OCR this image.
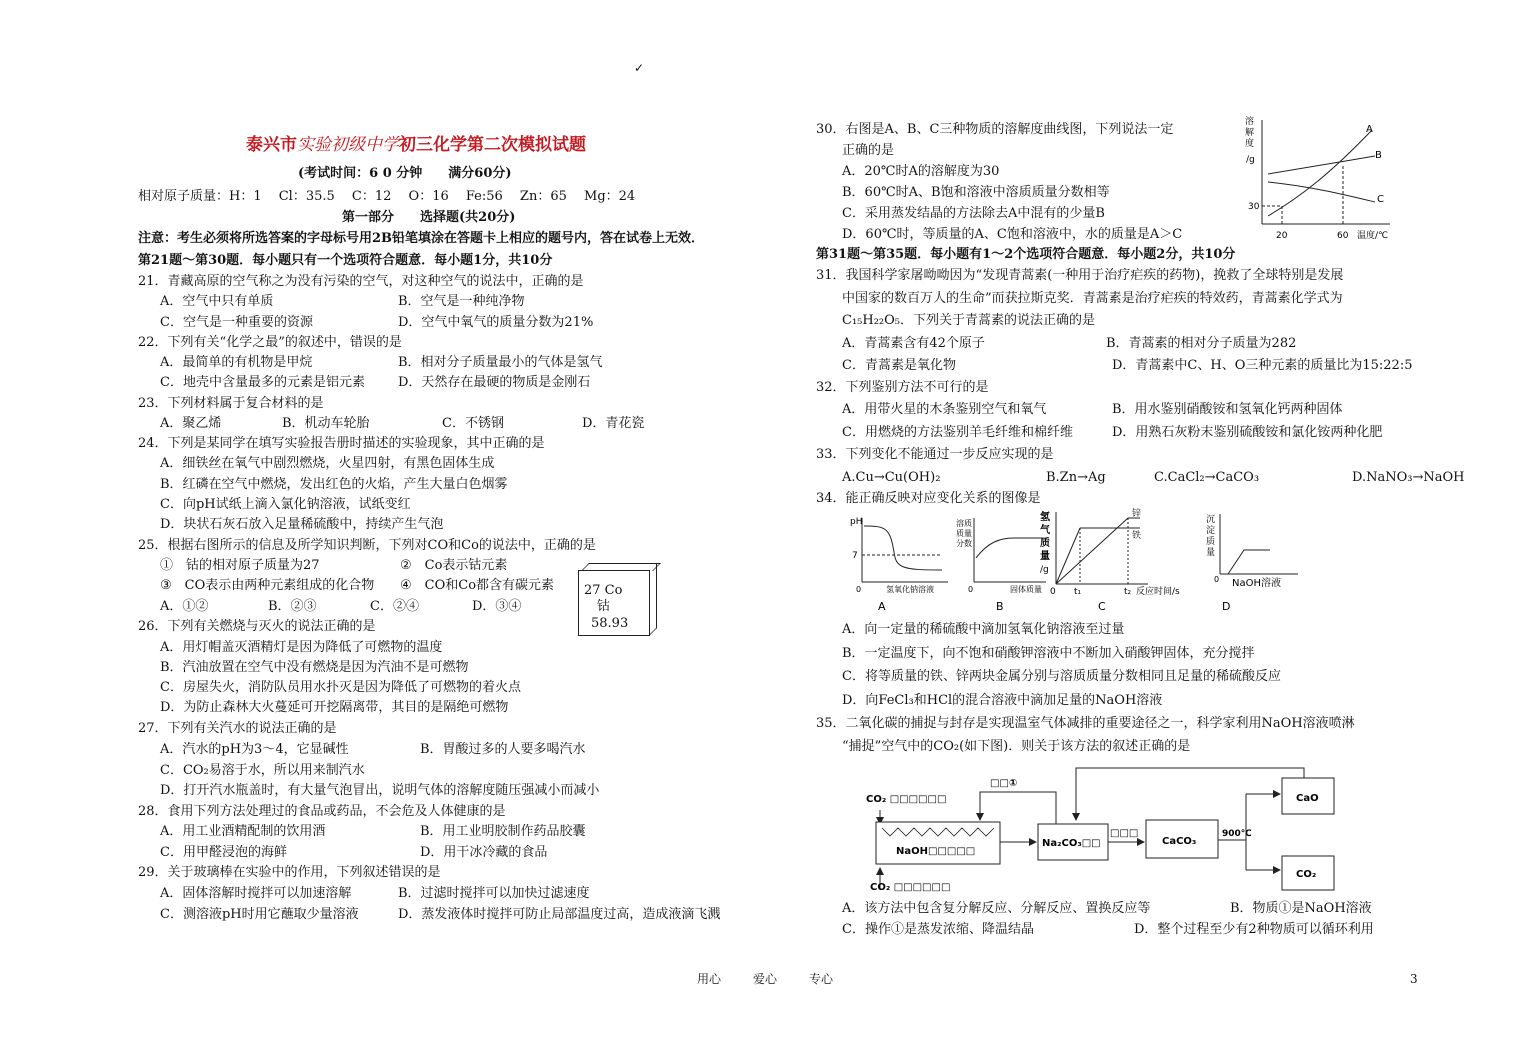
✓
泰兴市实验初级中学初三化学第二次模拟试题
(考试时间：6 0 分钟　　满分60分)
相对原子质量：H：1　 Cl：35.5 　C：12　 O：16 　Fe:56 　Zn：65 　Mg：24
第一部分　　选择题(共20分)
注意：考生必须将所选答案的字母标号用2B铅笔填涂在答题卡上相应的题号内，答在试卷上无效．
第21题～第30题．每小题只有一个选项符合题意．每小题1分，共10分
21．青藏高原的空气称之为没有污染的空气，对这种空气的说法中，正确的是
A．空气中只有单质	B．空气是一种纯净物
C．空气是一种重要的资源	D．空气中氧气的质量分数为21%
22．下列有关“化学之最”的叙述中，错误的是
A．最简单的有机物是甲烷	B．相对分子质量最小的气体是氢气
C．地壳中含量最多的元素是铝元素	D．天然存在最硬的物质是金刚石
23．下列材料属于复合材料的是
A．聚乙烯	B．机动车轮胎	C．不锈钢	D．青花瓷
24．下列是某同学在填写实验报告册时描述的实验现象，其中正确的是
A．细铁丝在氧气中剧烈燃烧，火星四射，有黑色固体生成
B．红磷在空气中燃烧，发出红色的火焰，产生大量白色烟雾
C．向pH试纸上滴入氯化钠溶液，试纸变红
D．块状石灰石放入足量稀硫酸中，持续产生气泡
25．根据右图所示的信息及所学知识判断，下列对CO和Co的说法中，正确的是
①　钴的相对原子质量为27	②　Co表示钴元素
③　CO表示由两种元素组成的化合物 ④　CO和Co都含有碳元素
A．①②	B．②③	C．②④	D．③④
27 Co
钴
58.93
26．下列有关燃烧与灭火的说法正确的是
A．用灯帽盖灭酒精灯是因为降低了可燃物的温度
B．汽油放置在空气中没有燃烧是因为汽油不是可燃物
C．房屋失火，消防队员用水扑灭是因为降低了可燃物的着火点
D．为防止森林大火蔓延可开挖隔离带，其目的是隔绝可燃物
27．下列有关汽水的说法正确的是
A．汽水的pH为3～4，它显碱性	B．胃酸过多的人要多喝汽水
C．CO₂易溶于水，所以用来制汽水
D．打开汽水瓶盖时，有大量气泡冒出，说明气体的溶解度随压强减小而减小
28．食用下列方法处理过的食品或药品，不会危及人体健康的是
A．用工业酒精配制的饮用酒	B．用工业明胶制作药品胶囊
C．用甲醛浸泡的海鲜	D．用干冰冷藏的食品
29．关于玻璃棒在实验中的作用，下列叙述错误的是
A．固体溶解时搅拌可以加速溶解	B．过滤时搅拌可以加快过滤速度
C．测溶液pH时用它蘸取少量溶液	D．蒸发液体时搅拌可防止局部温度过高，造成液滴飞溅
30．右图是A、B、C三种物质的溶解度曲线图，下列说法一定
正确的是
A．20℃时A的溶解度为30
B．60℃时A、B饱和溶液中溶质质量分数相等
C．采用蒸发结晶的方法除去A中混有的少量B
D．60℃时，等质量的A、C饱和溶液中，水的质量是A＞C
溶
解
度
/g
30
A
B
C
20	60 温度/℃
第31题～第35题．每小题有1～2个选项符合题意．每小题2分，共10分
31．我国科学家屠呦呦因为“发现青蒿素(一种用于治疗疟疾的药物)，挽救了全球特别是发展
中国家的数百万人的生命”而获拉斯克奖．青蒿素是治疗疟疾的特效药，青蒿素化学式为
C₁₅H₂₂O₅．下列关于青蒿素的说法正确的是
A．青蒿素含有42个原子	B．青蒿素的相对分子质量为282
C．青蒿素是氧化物	D．青蒿素中C、H、O三种元素的质量比为15:22:5
32．下列鉴别方法不可行的是
A．用带火星的木条鉴别空气和氧气	B．用水鉴别硝酸铵和氢氧化钙两种固体
C．用燃烧的方法鉴别羊毛纤维和棉纤维	D．用熟石灰粉末鉴别硫酸铵和氯化铵两种化肥
33．下列变化不能通过一步反应实现的是
A.Cu→Cu(OH)₂	B.Zn→Ag	C.CaCl₂→CaCO₃	D.NaNO₃→NaOH
34．能正确反映对应变化关系的图像是
pH
7
0	氢氧化钠溶液
A
溶质
质量
分数
0	固体质量
B
氢
气
质
量
/g
锌
铁
0 t₁	t₂ 反应时间/s
C
沉
淀
质
量
0 NaOH溶液
D
A．向一定量的稀硫酸中滴加氢氧化钠溶液至过量
B．一定温度下，向不饱和硝酸钾溶液中不断加入硝酸钾固体，充分搅拌
C．将等质量的铁、锌两块金属分别与溶质质量分数相同且足量的稀硫酸反应
D．向FeCl₃和HCl的混合溶液中滴加足量的NaOH溶液
35．二氧化碳的捕捉与封存是实现温室气体减排的重要途径之一，科学家利用NaOH溶液喷淋
“捕捉”空气中的CO₂(如下图)．则关于该方法的叙述正确的是
CO₂ □□□□□□
NaOH□□□□□
CO₂ □□□□□□
Na₂CO₃□□
□□①
□□□
CaCO₃
900℃
CaO
CO₂
A．该方法中包含复分解反应、分解反应、置换反应等	B．物质①是NaOH溶液
C．操作①是蒸发浓缩、降温结晶	D．整个过程至少有2种物质可以循环利用
用心	爱心	专心	3
